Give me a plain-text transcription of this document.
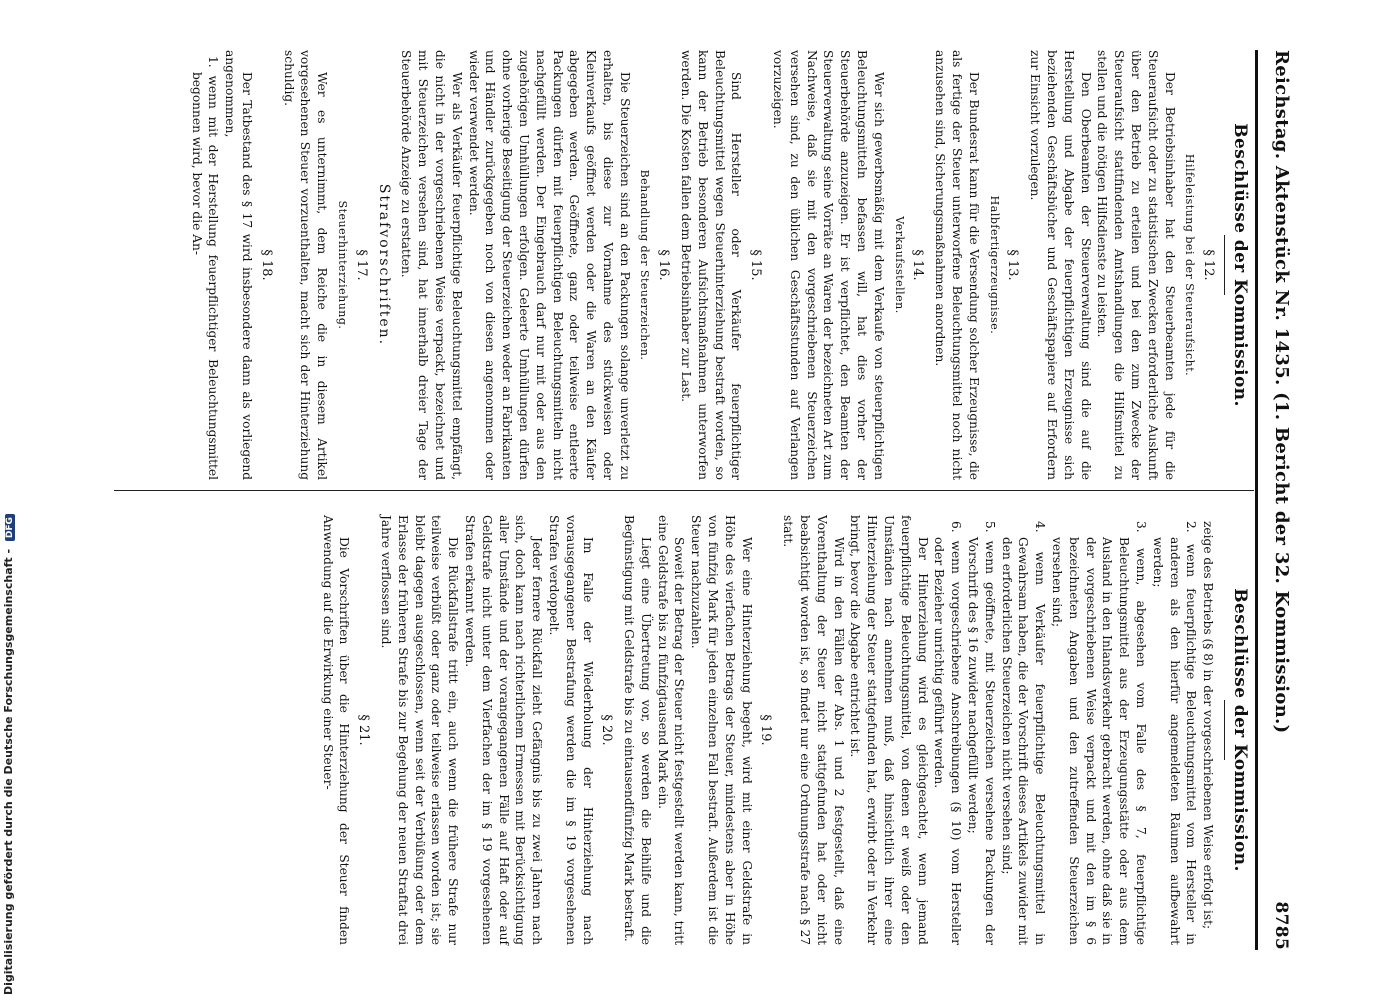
Reichstag. Aktenstück Nr. 1435. (1. Bericht der 32. Kommission.)
8785
Beschlüsse der Kommission.
§ 12.
Hilfeleistung bei der Steueraufsicht.

Der Betriebsinhaber hat den Steuerbeamten jede für die Steueraufsicht oder zu statistischen Zwecken erforderliche Auskunft über den Betrieb zu erteilen und bei den zum Zwecke der Steueraufsicht stattfindenden Amtshandlungen die Hilfsmittel zu stellen und die nötigen Hilfsdienste zu leisten.

Den Oberbeamten der Steuerverwaltung sind die auf die Herstellung und Abgabe der feuerpflichtigen Erzeugnisse sich beziehenden Geschäftsbücher und Geschäftspapiere auf Erfordern zur Einsicht vorzulegen.

§ 13.
Halbfertigerzeugnisse.

Der Bundesrat kann für die Versendung solcher Erzeugnisse, die als fertige der Steuer unterworfene Beleuchtungsmittel noch nicht anzusehen sind, Sicherungsmaßnahmen anordnen.

§ 14.
Verkaufsstellen.

Wer sich gewerbsmäßig mit dem Verkaufe von steuerpflichtigen Beleuchtungsmitteln befassen will, hat dies vorher der Steuerbehörde anzuzeigen. Er ist verpflichtet, den Beamten der Steuerverwaltung seine Vorräte an Waren der bezeichneten Art zum Nachweise, daß sie mit den vorgeschriebenen Steuerzeichen versehen sind, zu den üblichen Geschäftsstunden auf Verlangen vorzuzeigen.

§ 15.

Sind Hersteller oder Verkäufer feuerpflichtiger Beleuchtungsmittel wegen Steuerhinterziehung bestraft worden, so kann der Betrieb besonderen Aufsichtsmaßnahmen unterworfen werden. Die Kosten fallen dem Betriebsinhaber zur Last.

§ 16.
Behandlung der Steuerzeichen.

Die Steuerzeichen sind an den Packungen solange unverletzt zu erhalten, bis diese zur Vornahme des stückweisen oder Kleinverkaufs geöffnet werden oder die Waren an den Käufer abgegeben werden. Geöffnete, ganz oder teilweise entleerte Packungen dürfen mit feuerpflichtigen Beleuchtungsmitteln nicht nachgefüllt werden. Der Eingebrauch darf nur mit oder aus den zugehörigen Umhüllungen erfolgen. Geleerte Umhüllungen dürfen ohne vorherige Beseitigung der Steuerzeichen weder an Fabrikanten und Händler zurückgegeben noch von diesen angenommen oder wieder verwendet werden.

Wer als Verkäufer feuerpflichtige Beleuchtungsmittel empfängt, die nicht in der vorgeschriebenen Weise verpackt, bezeichnet und mit Steuerzeichen versehen sind, hat innerhalb dreier Tage der Steuerbehörde Anzeige zu erstatten.

Strafvorschriften.
§ 17.
Steuerhinterziehung.

Wer es unternimmt, dem Reiche die in diesem Artikel vorgesehenen Steuer vorzuenthalten, macht sich der Hinterziehung schuldig.

§ 18.

Der Tatbestand des § 17 wird insbesondere dann als vorliegend angenommen,

1. wenn mit der Herstellung feuerpflichtiger Beleuchtungsmittel begonnen wird, bevor die An-
Beschlüsse der Kommission.
zeige des Betriebs (§ 8) in der vorgeschriebenen Weise erfolgt ist;
2. wenn feuerpflichtige Beleuchtungsmittel vom Hersteller in anderen als den hierfür angemeldeten Räumen aufbewahrt werden;
3. wenn, abgesehen vom Falle des § 7, feuerpflichtige Beleuchtungsmittel aus der Erzeugungsstätte oder aus dem Ausland in den Inlandsverkehr gebracht werden, ohne daß sie in der vorgeschriebenen Weise verpackt und mit den im § 6 bezeichneten Angaben und den zutreffenden Steuerzeichen versehen sind;
4. wenn Verkäufer feuerpflichtige Beleuchtungsmittel in Gewahrsam haben, die der Vorschrift dieses Artikels zuwider mit den erforderlichen Steuerzeichen nicht versehen sind;
5. wenn geöffnete, mit Steuerzeichen versehene Packungen der Vorschrift des § 16 zuwider nachgefüllt werden;
6. wenn vorgeschriebene Anschreibungen (§ 10) vom Hersteller oder Bezieher unrichtig geführt werden.

Der Hinterziehung wird es gleichgeachtet, wenn jemand feuerpflichtige Beleuchtungsmittel, von denen er weiß oder den Umständen nach annehmen muß, daß hinsichtlich ihrer eine Hinterziehung der Steuer stattgefunden hat, erwirbt oder in Verkehr bringt, bevor die Abgabe entrichtet ist.

Wird in den Fällen der Abs. 1 und 2 festgestellt, daß eine Vorenthaltung der Steuer nicht stattgefunden hat oder nicht beabsichtigt worden ist, so findet nur eine Ordnungsstrafe nach § 27 statt.

§ 19.

Wer eine Hinterziehung begeht, wird mit einer Geldstrafe in Höhe des vierfachen Betrags der Steuer, mindestens aber in Höhe von fünfzig Mark für jeden einzelnen Fall bestraft. Außerdem ist die Steuer nachzuzahlen.

Soweit der Betrag der Steuer nicht festgestellt werden kann, tritt eine Geldstrafe bis zu fünfzigtausend Mark ein.

Liegt eine Übertretung vor, so werden die Beihilfe und die Begünstigung mit Geldstrafe bis zu eintausendfünfzig Mark bestraft.

§ 20.

Im Falle der Wiederholung der Hinterziehung nach vorausgegangener Bestrafung werden die im § 19 vorgesehenen Strafen verdoppelt.

Jeder fernere Rückfall zieht Gefängnis bis zu zwei Jahren nach sich, doch kann nach richterlichem Ermessen mit Berücksichtigung aller Umstände und der vorangegangenen Fälle auf Haft oder auf Geldstrafe nicht unter dem Vierfachen der im § 19 vorgesehenen Strafen erkannt werden.

Die Rückfallstrafe tritt ein, auch wenn die frühere Strafe nur teilweise verbüßt oder ganz oder teilweise erlassen worden ist; sie bleibt dagegen ausgeschlossen, wenn seit der Verbüßung oder dem Erlasse der früheren Strafe bis zur Begehung der neuen Straftat drei Jahre verflossen sind.

§ 21.

Die Vorschriften über die Hinterziehung der Steuer finden Anwendung auf die Erwirkung einer Steuer-

Digitalisierung gefördert durch die Deutsche Forschungsgemeinschaft - DFG
